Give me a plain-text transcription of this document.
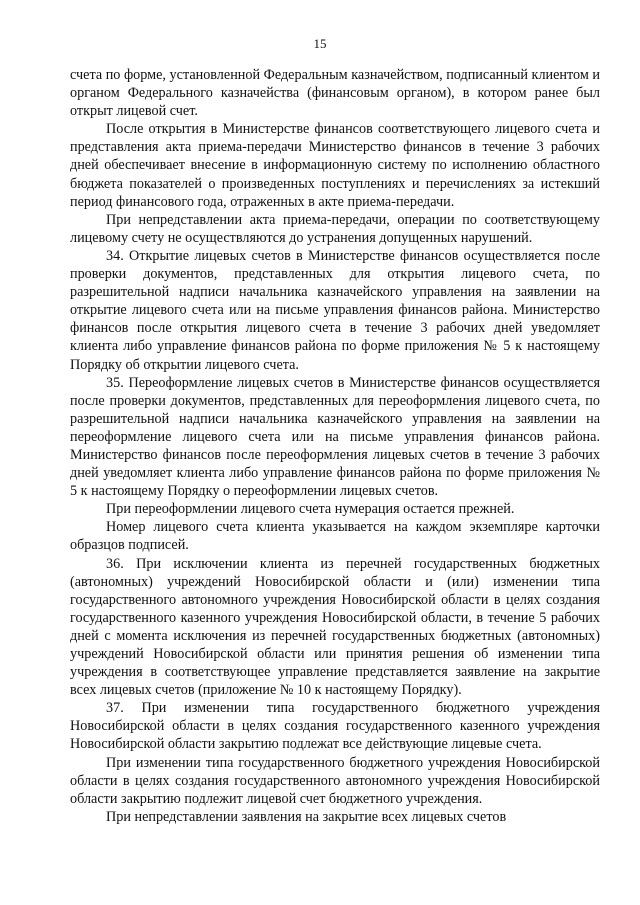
15

счета по форме, установленной Федеральным казначейством, подписанный клиентом и органом Федерального казначейства (финансовым органом), в котором ранее был открыт лицевой счет.

После открытия в Министерстве финансов соответствующего лицевого счета и представления акта приема-передачи Министерство финансов в течение 3 рабочих дней обеспечивает внесение в информационную систему по исполнению областного бюджета показателей о произведенных поступлениях и перечислениях за истекший период финансового года, отраженных в акте приема-передачи.

При непредставлении акта приема-передачи, операции по соответствующему лицевому счету не осуществляются до устранения допущенных нарушений.

34. Открытие лицевых счетов в Министерстве финансов осуществляется после проверки документов, представленных для открытия лицевого счета, по разрешительной надписи начальника казначейского управления на заявлении на открытие лицевого счета или на письме управления финансов района. Министерство финансов после открытия лицевого счета в течение 3 рабочих дней уведомляет клиента либо управление финансов района по форме приложения № 5 к настоящему Порядку об открытии лицевого счета.

35. Переоформление лицевых счетов в Министерстве финансов осуществляется после проверки документов, представленных для переоформления лицевого счета, по разрешительной надписи начальника казначейского управления на заявлении на переоформление лицевого счета или на письме управления финансов района. Министерство финансов после переоформления лицевых счетов в течение 3 рабочих дней уведомляет клиента либо управление финансов района по форме приложения № 5 к настоящему Порядку о переоформлении лицевых счетов.

При переоформлении лицевого счета нумерация остается прежней.

Номер лицевого счета клиента указывается на каждом экземпляре карточки образцов подписей.

36. При исключении клиента из перечней государственных бюджетных (автономных) учреждений Новосибирской области и (или) изменении типа государственного автономного учреждения Новосибирской области в целях создания государственного казенного учреждения Новосибирской области, в течение 5 рабочих дней с момента исключения из перечней государственных бюджетных (автономных) учреждений Новосибирской области или принятия решения об изменении типа учреждения в соответствующее управление представляется заявление на закрытие всех лицевых счетов (приложение № 10 к настоящему Порядку).

37. При изменении типа государственного бюджетного учреждения Новосибирской области в целях создания государственного казенного учреждения Новосибирской области закрытию подлежат все действующие лицевые счета.

При изменении типа государственного бюджетного учреждения Новосибирской области в целях создания государственного автономного учреждения Новосибирской области закрытию подлежит лицевой счет бюджетного учреждения.

При непредставлении заявления на закрытие всех лицевых счетов
